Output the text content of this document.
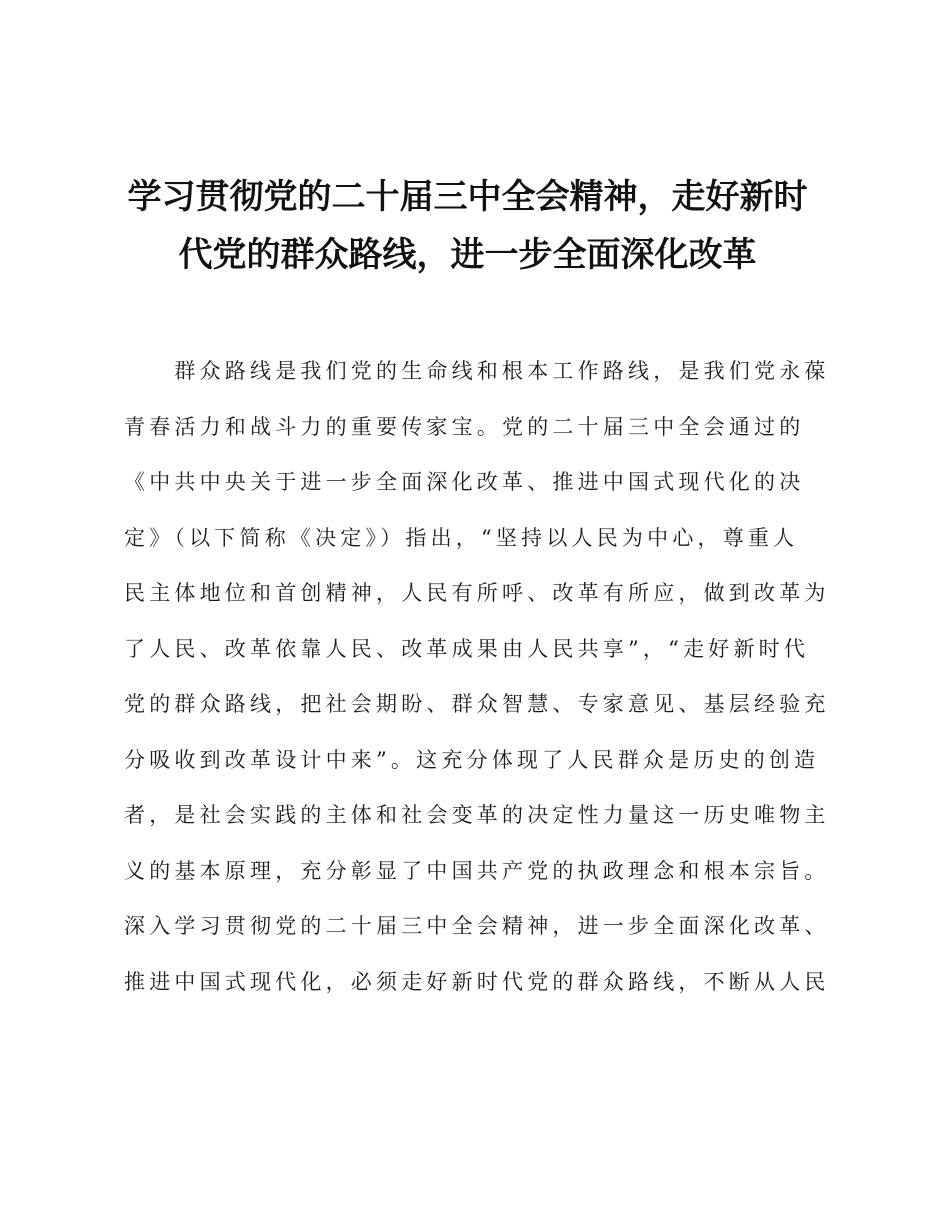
学习贯彻党的二十届三中全会精神，走好新时
代党的群众路线，进一步全面深化改革
　　群众路线是我们党的生命线和根本工作路线，是我们党永葆
青春活力和战斗力的重要传家宝。党的二十届三中全会通过的
《中共中央关于进一步全面深化改革、推进中国式现代化的决
定》（以下简称《决定》）指出，“坚持以人民为中心，尊重人
民主体地位和首创精神，人民有所呼、改革有所应，做到改革为
了人民、改革依靠人民、改革成果由人民共享”，“走好新时代
党的群众路线，把社会期盼、群众智慧、专家意见、基层经验充
分吸收到改革设计中来”。这充分体现了人民群众是历史的创造
者，是社会实践的主体和社会变革的决定性力量这一历史唯物主
义的基本原理，充分彰显了中国共产党的执政理念和根本宗旨。
深入学习贯彻党的二十届三中全会精神，进一步全面深化改革、
推进中国式现代化，必须走好新时代党的群众路线，不断从人民
